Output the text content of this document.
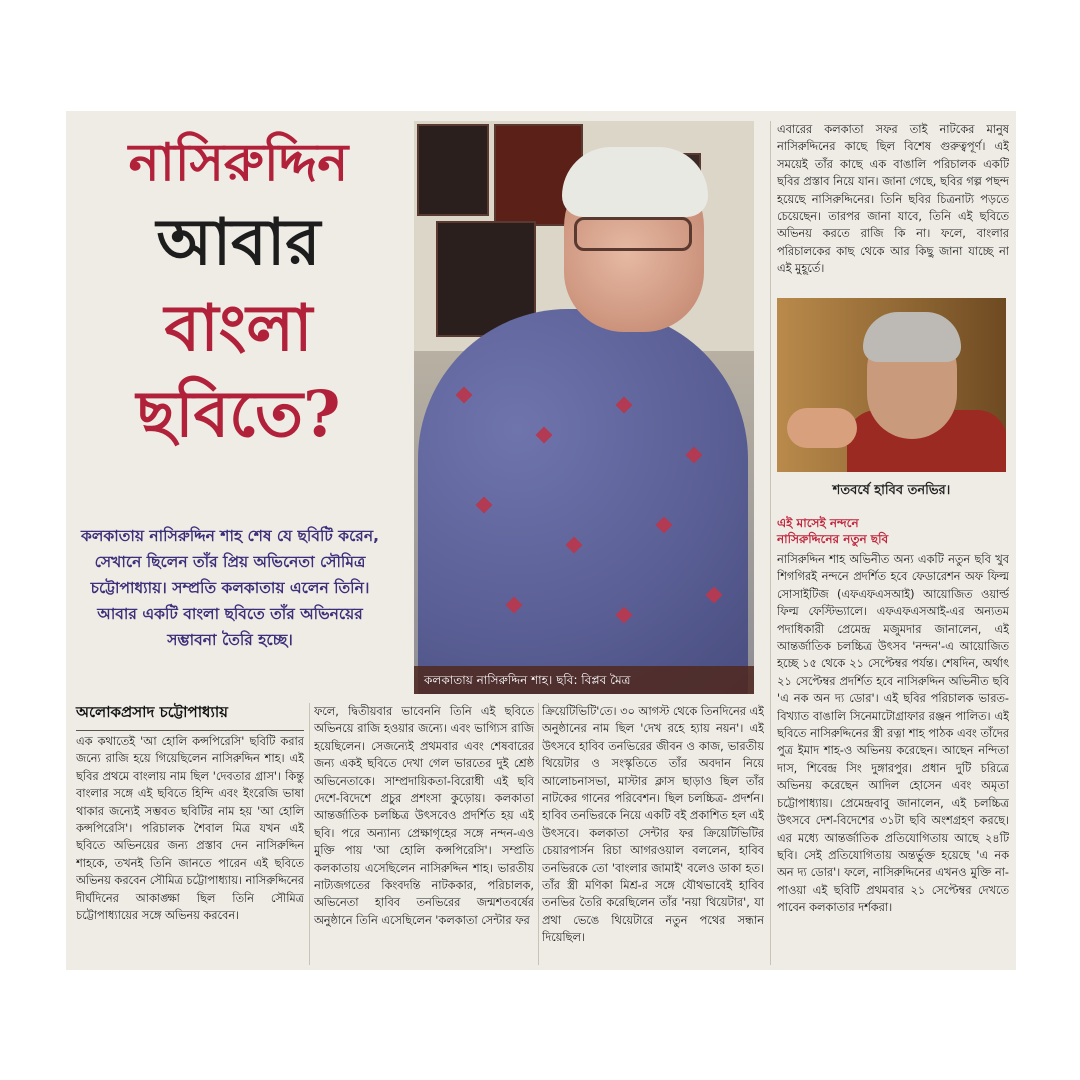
নাসিরুদ্দিন
আবার
বাংলা
ছবিতে?
কলকাতায় নাসিরুদ্দিন শাহ শেষ যে ছবিটি করেন, সেখানে ছিলেন তাঁর প্রিয় অভিনেতা সৌমিত্র চট্টোপাধ্যায়। সম্প্রতি কলকাতায় এলেন তিনি। আবার একটি বাংলা ছবিতে তাঁর অভিনয়ের সম্ভাবনা তৈরি হচ্ছে।
কলকাতায় নাসিরুদ্দিন শাহ। ছবি: বিপ্লব মৈত্র
এবারের কলকাতা সফর তাই নাটকের মানুষ নাসিরুদ্দিনের কাছে ছিল বিশেষ গুরুত্বপূর্ণ। এই সময়েই তাঁর কাছে এক বাঙালি পরিচালক একটি ছবির প্রস্তাব নিয়ে যান। জানা গেছে, ছবির গল্প পছন্দ হয়েছে নাসিরুদ্দিনের। তিনি ছবির চিত্রনাট্য পড়তে চেয়েছেন। তারপর জানা যাবে, তিনি এই ছবিতে অভিনয় করতে রাজি কি না। ফলে, বাংলার পরিচালকের কাছ থেকে আর কিছু জানা যাচ্ছে না এই মুহূর্তে।
শতবর্ষে হাবিব তনভির।
এই মাসেই নন্দনে
নাসিরুদ্দিনের নতুন ছবি
নাসিরুদ্দিন শাহ অভিনীত অন্য একটি নতুন ছবি খুব শিগগিরই নন্দনে প্রদর্শিত হবে ফেডারেশন অফ ফিল্ম সোসাইটিজ (এফএফএসআই) আয়োজিত ওয়ার্ল্ড ফিল্ম ফেস্টিভ্যালে। এফএফএসআই-এর অন্যতম পদাধিকারী প্রেমেন্দ্র মজুমদার জানালেন, এই আন্তর্জাতিক চলচ্চিত্র উৎসব 'নন্দন'-এ আয়োজিত হচ্ছে ১৫ থেকে ২১ সেপ্টেম্বর পর্যন্ত। শেষদিন, অর্থাৎ ২১ সেপ্টেম্বর প্রদর্শিত হবে নাসিরুদ্দিন অভিনীত ছবি 'এ নক অন দ্য ডোর'। এই ছবির পরিচালক ভারত-বিখ্যাত বাঙালি সিনেমাটোগ্রাফার রঞ্জন পালিত। এই ছবিতে নাসিরুদ্দিনের স্ত্রী রত্না শাহ পাঠক এবং তাঁদের পুত্র ইমাদ শাহ-ও অভিনয় করেছেন। আছেন নন্দিতা দাস, শিবেন্দ্র সিং দুঙ্গারপুর। প্রধান দুটি চরিত্রে অভিনয় করেছেন আদিল হোসেন এবং অমৃতা চট্টোপাধ্যায়। প্রেমেন্দ্রবাবু জানালেন, এই চলচ্চিত্র উৎসবে দেশ-বিদেশের ৩১টা ছবি অংশগ্রহণ করছে। এর মধ্যে আন্তর্জাতিক প্রতিযোগিতায় আছে ২৪টি ছবি। সেই প্রতিযোগিতায় অন্তর্ভুক্ত হয়েছে 'এ নক অন দ্য ডোর'। ফলে, নাসিরুদ্দিনের এখনও মুক্তি না-পাওয়া এই ছবিটি প্রথমবার ২১ সেপ্টেম্বর দেখতে পাবেন কলকাতার দর্শকরা।
অলোকপ্রসাদ চট্টোপাধ্যায়
এক কথাতেই 'আ হোলি কন্সপিরেসি' ছবিটি করার জন্যে রাজি হয়ে গিয়েছিলেন নাসিরুদ্দিন শাহ। এই ছবির প্রথমে বাংলায় নাম ছিল 'দেবতার গ্রাস'। কিন্তু বাংলার সঙ্গে এই ছবিতে হিন্দি এবং ইংরেজি ভাষা থাকার জন্যেই সম্ভবত ছবিটির নাম হয় 'আ হোলি কন্সপিরেসি'। পরিচালক শৈবাল মিত্র যখন এই ছবিতে অভিনয়ের জন্য প্রস্তাব দেন নাসিরুদ্দিন শাহকে, তখনই তিনি জানতে পারেন এই ছবিতে অভিনয় করবেন সৌমিত্র চট্টোপাধ্যায়। নাসিরুদ্দিনের দীর্ঘদিনের আকাঙ্ক্ষা ছিল তিনি সৌমিত্র চট্টোপাধ্যায়ের সঙ্গে অভিনয় করবেন।
ফলে, দ্বিতীয়বার ভাবেননি তিনি এই ছবিতে অভিনয়ে রাজি হওয়ার জন্যে। এবং ভাগ্যিস রাজি হয়েছিলেন। সেজন্যেই প্রথমবার এবং শেষবারের জন্য একই ছবিতে দেখা গেল ভারতের দুই শ্রেষ্ঠ অভিনেতাকে। সাম্প্রদায়িকতা-বিরোধী এই ছবি দেশে-বিদেশে প্রচুর প্রশংসা কুড়োয়। কলকাতা আন্তর্জাতিক চলচ্চিত্র উৎসবেও প্রদর্শিত হয় এই ছবি। পরে অন্যান্য প্রেক্ষাগৃহের সঙ্গে নন্দন-এও মুক্তি পায় 'আ হোলি কন্সপিরেসি'। সম্প্রতি কলকাতায় এসেছিলেন নাসিরুদ্দিন শাহ। ভারতীয় নাট্যজগতের কিংবদন্তি নাটককার, পরিচালক, অভিনেতা হাবিব তনভিরের জন্মশতবর্ষের অনুষ্ঠানে তিনি এসেছিলেন 'কলকাতা সেন্টার ফর
ক্রিয়েটিভিটি'তে। ৩০ আগস্ট থেকে তিনদিনের এই অনুষ্ঠানের নাম ছিল 'দেখ রহে হ্যায় নয়ন'। এই উৎসবে হাবিব তনভিরের জীবন ও কাজ, ভারতীয় থিয়েটার ও সংস্কৃতিতে তাঁর অবদান নিয়ে আলোচনাসভা, মাস্টার ক্লাস ছাড়াও ছিল তাঁর নাটকের গানের পরিবেশন। ছিল চলচ্চিত্র- প্রদর্শন। হাবিব তনভিরকে নিয়ে একটি বই প্রকাশিত হল এই উৎসবে। কলকাতা সেন্টার ফর ক্রিয়েটিভিটির চেয়ারপার্সন রিচা আগরওয়াল বললেন, হাবিব তনভিরকে তো 'বাংলার জামাই' বলেও ডাকা হত। তাঁর স্ত্রী মণিকা মিশ্র-র সঙ্গে যৌথভাবেই হাবিব তনভির তৈরি করেছিলেন তাঁর 'নয়া থিয়েটার', যা প্রথা ভেঙে থিয়েটারে নতুন পথের সন্ধান দিয়েছিল।
